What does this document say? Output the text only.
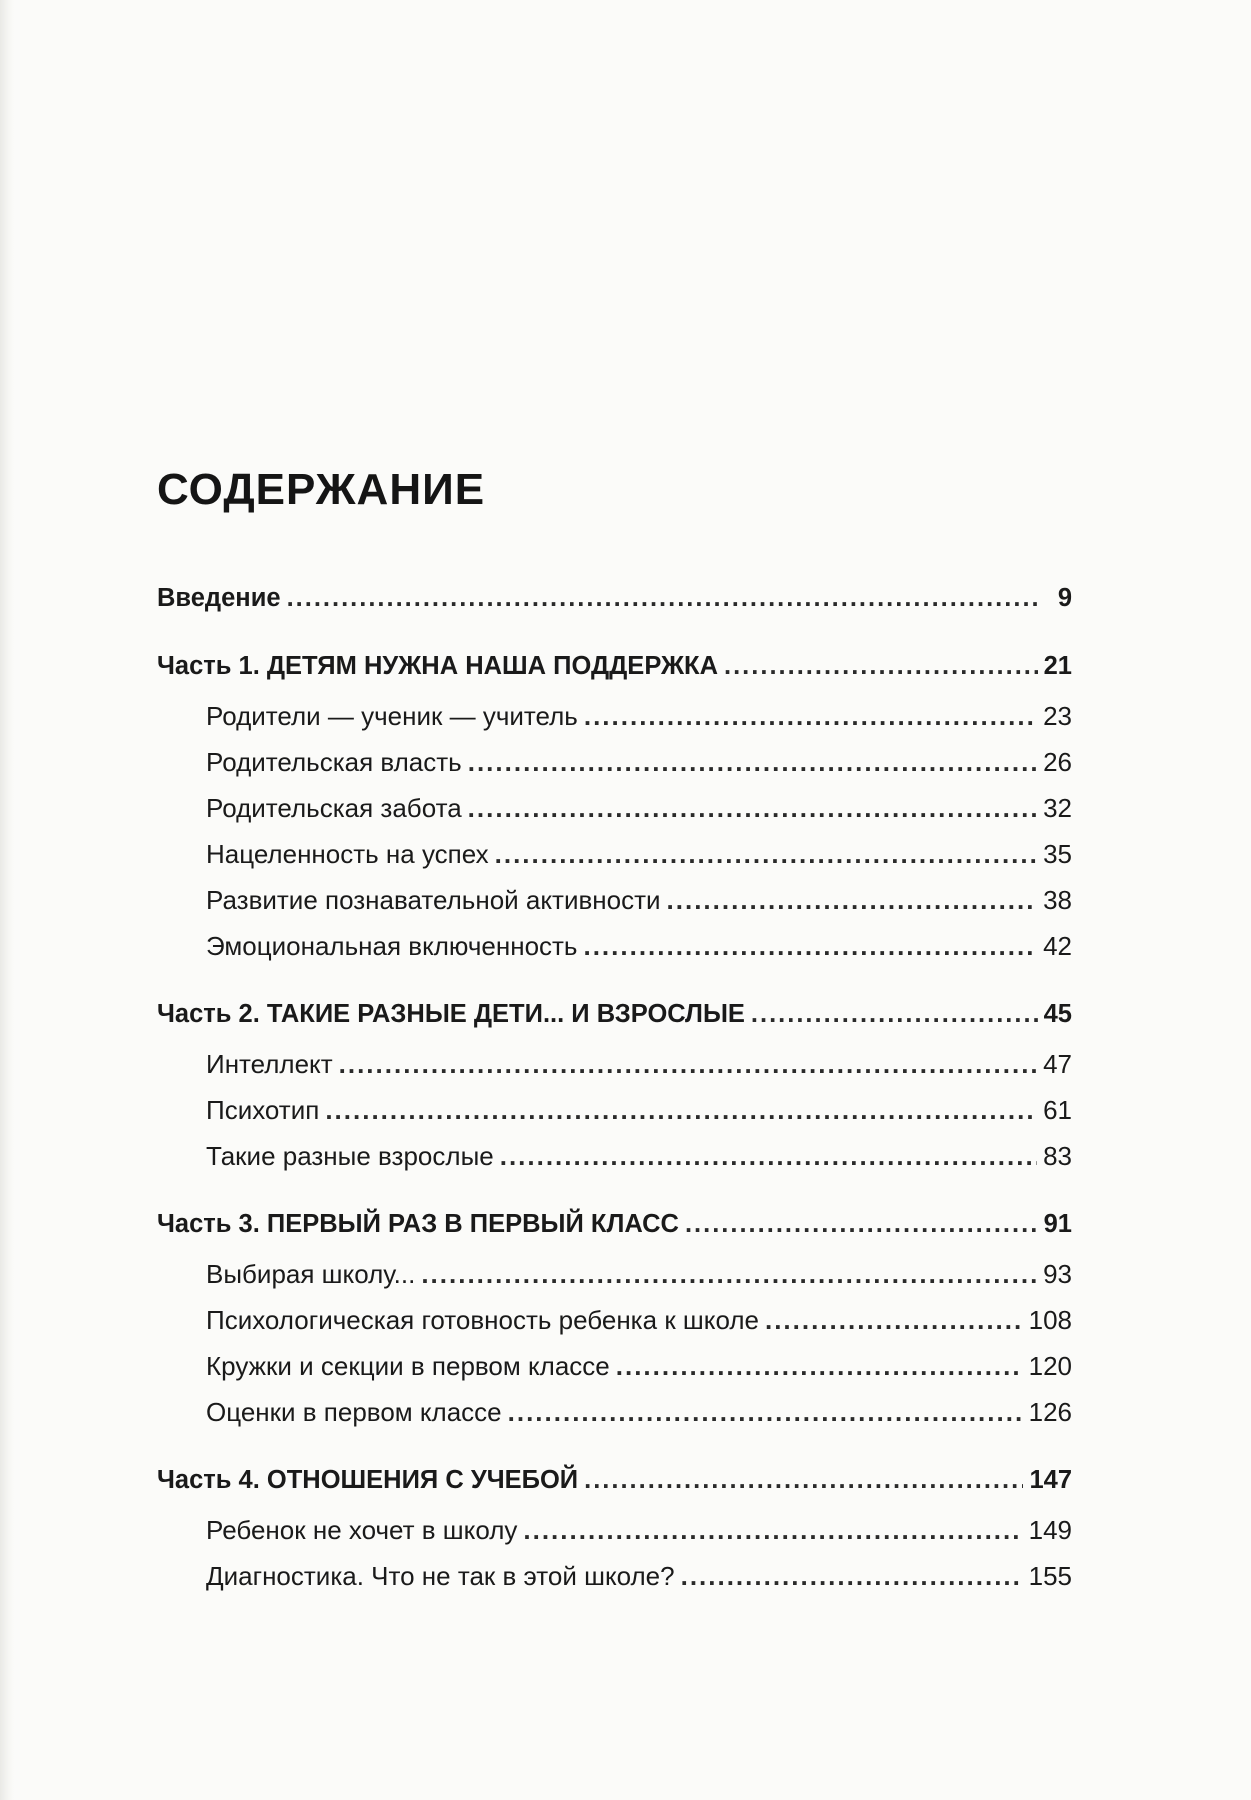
СОДЕРЖАНИЕ
Введение .....	9
Часть 1. ДЕТЯМ НУЖНА НАША ПОДДЕРЖКА .....	21
Родители — ученик — учитель .....	23
Родительская власть .....	26
Родительская забота .....	32
Нацеленность на успех .....	35
Развитие познавательной активности .....	38
Эмоциональная включенность .....	42
Часть 2. ТАКИЕ РАЗНЫЕ ДЕТИ... И ВЗРОСЛЫЕ .....	45
Интеллект .....	47
Психотип .....	61
Такие разные взрослые .....	83
Часть 3. ПЕРВЫЙ РАЗ В ПЕРВЫЙ КЛАСС .....	91
Выбирая школу... .....	93
Психологическая готовность ребенка к школе .....	108
Кружки и секции в первом классе .....	120
Оценки в первом классе .....	126
Часть 4. ОТНОШЕНИЯ С УЧЕБОЙ .....	147
Ребенок не хочет в школу .....	149
Диагностика. Что не так в этой школе? .....	155
